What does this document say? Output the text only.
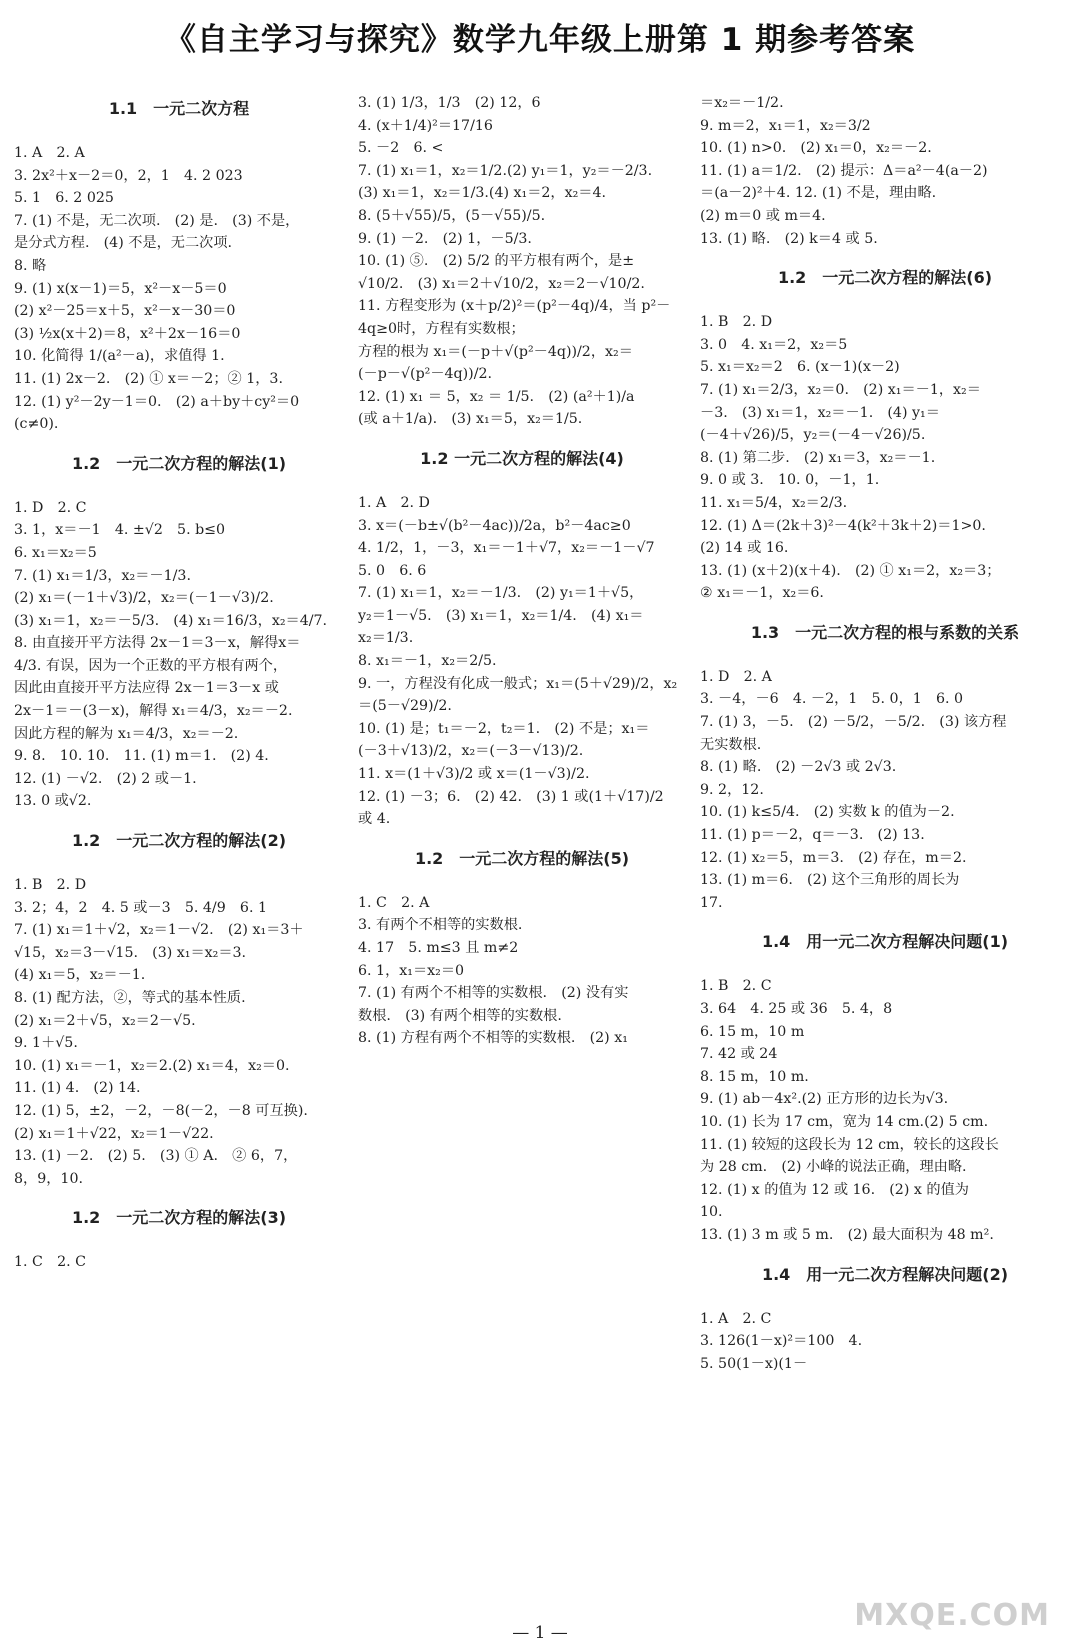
《自主学习与探究》数学九年级上册第 1 期参考答案
1.1　一元二次方程
1. A　2. A
3. 2x²＋x－2＝0，2，1　4. 2 023
5. 1　6. 2 025
7. (1) 不是，无二次项.　(2) 是.　(3) 不是，
是分式方程.　(4) 不是，无二次项.
8. 略
9. (1) x(x－1)＝5，x²－x－5＝0
(2) x²－25＝x＋5，x²－x－30＝0
(3) ½x(x＋2)＝8，x²＋2x－16＝0
10. 化简得 1/(a²－a)，求值得 1.
11. (1) 2x－2.　(2) ① x＝－2；② 1，3.
12. (1) y²－2y－1＝0.　(2) a＋by＋cy²＝0
(c≠0).
1.2　一元二次方程的解法(1)
1. D　2. C
3. 1，x＝－1　4. ±√2　5. b≤0
6. x₁＝x₂＝5
7. (1) x₁＝1/3，x₂＝－1/3.
(2) x₁＝(－1＋√3)/2，x₂＝(－1－√3)/2.
(3) x₁＝1，x₂＝－5/3.　(4) x₁＝16/3，x₂＝4/7.
8. 由直接开平方法得 2x－1＝3－x，解得x＝
4/3. 有误，因为一个正数的平方根有两个，
因此由直接开平方法应得 2x－1＝3－x 或
2x－1＝－(3－x)，解得 x₁＝4/3，x₂＝－2.
因此方程的解为 x₁＝4/3，x₂＝－2.
9. 8.　10. 10.　11. (1) m＝1.　(2) 4.
12. (1) －√2.　(2) 2 或－1.
13. 0 或√2.
1.2　一元二次方程的解法(2)
1. B　2. D
3. 2；4，2　4. 5 或－3　5. 4/9　6. 1
7. (1) x₁＝1＋√2，x₂＝1－√2.　(2) x₁＝3＋
√15，x₂＝3－√15.　(3) x₁＝x₂＝3.
(4) x₁＝5，x₂＝－1.
8. (1) 配方法，②，等式的基本性质.
(2) x₁＝2＋√5，x₂＝2－√5.
9. 1＋√5.
10. (1) x₁＝－1，x₂＝2.(2) x₁＝4，x₂＝0.
11. (1) 4.　(2) 14.
12. (1) 5，±2，－2，－8(－2，－8 可互换).
(2) x₁＝1＋√22，x₂＝1－√22.
13. (1) －2.　(2) 5.　(3) ① A.　② 6，7，
8，9，10.
1.2　一元二次方程的解法(3)
1. C　2. C
3. (1) 1/3，1/3　(2) 12，6
4. (x＋1/4)²＝17/16
5. －2　6. <
7. (1) x₁＝1，x₂＝1/2.(2) y₁＝1，y₂＝－2/3.
(3) x₁＝1，x₂＝1/3.(4) x₁＝2，x₂＝4.
8. (5＋√55)/5，(5－√55)/5.
9. (1) －2.　(2) 1，－5/3.
10. (1) ⑤.　(2) 5/2 的平方根有两个，是±
√10/2.　(3) x₁＝2＋√10/2，x₂＝2－√10/2.
11. 方程变形为 (x＋p/2)²＝(p²－4q)/4，当 p²－
4q≥0时，方程有实数根；
方程的根为 x₁＝(－p＋√(p²－4q))/2，x₂＝
(－p－√(p²－4q))/2.
12. (1) x₁ ＝ 5，x₂ ＝ 1/5.　(2) (a²＋1)/a
(或 a＋1/a).　(3) x₁＝5，x₂＝1/5.
1.2 一元二次方程的解法(4)
1. A　2. D
3. x＝(－b±√(b²－4ac))/2a，b²－4ac≥0
4. 1/2，1，－3，x₁＝－1＋√7，x₂＝－1－√7
5. 0　6. 6
7. (1) x₁＝1，x₂＝－1/3.　(2) y₁＝1＋√5，
y₂＝1－√5.　(3) x₁＝1，x₂＝1/4.　(4) x₁＝
x₂＝1/3.
8. x₁＝－1，x₂＝2/5.
9. 一，方程没有化成一般式；x₁＝(5＋√29)/2，x₂
＝(5－√29)/2.
10. (1) 是；t₁＝－2，t₂＝1.　(2) 不是；x₁＝
(－3＋√13)/2，x₂＝(－3－√13)/2.
11. x＝(1＋√3)/2 或 x＝(1－√3)/2.
12. (1) －3；6.　(2) 42.　(3) 1 或(1＋√17)/2
或 4.
1.2　一元二次方程的解法(5)
1. C　2. A
3. 有两个不相等的实数根.
4. 17　5. m≤3 且 m≠2
6. 1，x₁＝x₂＝0
7. (1) 有两个不相等的实数根.　(2) 没有实
数根.　(3) 有两个相等的实数根.
8. (1) 方程有两个不相等的实数根.　(2) x₁
＝x₂＝－1/2.
9. m＝2，x₁＝1，x₂＝3/2
10. (1) n>0.　(2) x₁＝0，x₂＝－2.
11. (1) a＝1/2.　(2) 提示：Δ＝a²－4(a－2)
＝(a－2)²＋4. 12. (1) 不是，理由略.
(2) m＝0 或 m＝4.
13. (1) 略.　(2) k＝4 或 5.
1.2　一元二次方程的解法(6)
1. B　2. D
3. 0　4. x₁＝2，x₂＝5
5. x₁＝x₂＝2　6. (x－1)(x－2)
7. (1) x₁＝2/3，x₂＝0.　(2) x₁＝－1，x₂＝
－3.　(3) x₁＝1，x₂＝－1.　(4) y₁＝
(－4＋√26)/5，y₂＝(－4－√26)/5.
8. (1) 第二步.　(2) x₁＝3，x₂＝－1.
9. 0 或 3.　10. 0，－1，1.
11. x₁＝5/4，x₂＝2/3.
12. (1) Δ＝(2k＋3)²－4(k²＋3k＋2)＝1>0.
(2) 14 或 16.
13. (1) (x＋2)(x＋4).　(2) ① x₁＝2，x₂＝3；
② x₁＝－1，x₂＝6.
1.3　一元二次方程的根与系数的关系
1. D　2. A
3. －4，－6　4. －2，1　5. 0，1　6. 0
7. (1) 3，－5.　(2) －5/2，－5/2.　(3) 该方程
无实数根.
8. (1) 略.　(2) －2√3 或 2√3.
9. 2，12.
10. (1) k≤5/4.　(2) 实数 k 的值为－2.
11. (1) p＝－2，q＝－3.　(2) 13.
12. (1) x₂＝5，m＝3.　(2) 存在，m＝2.
13. (1) m＝6.　(2) 这个三角形的周长为
17.
1.4　用一元二次方程解决问题(1)
1. B　2. C
3. 64　4. 25 或 36　5. 4，8
6. 15 m，10 m
7. 42 或 24
8. 15 m，10 m.
9. (1) ab－4x².(2) 正方形的边长为√3.
10. (1) 长为 17 cm，宽为 14 cm.(2) 5 cm.
11. (1) 较短的这段长为 12 cm，较长的这段长
为 28 cm.　(2) 小峰的说法正确，理由略.
12. (1) x 的值为 12 或 16.　(2) x 的值为
10.
13. (1) 3 m 或 5 m.　(2) 最大面积为 48 m².
1.4　用一元二次方程解决问题(2)
1. A　2. C
3. 126(1－x)²＝100　4.
5. 50(1－x)(1－
MXQE.COM
— 1 —
